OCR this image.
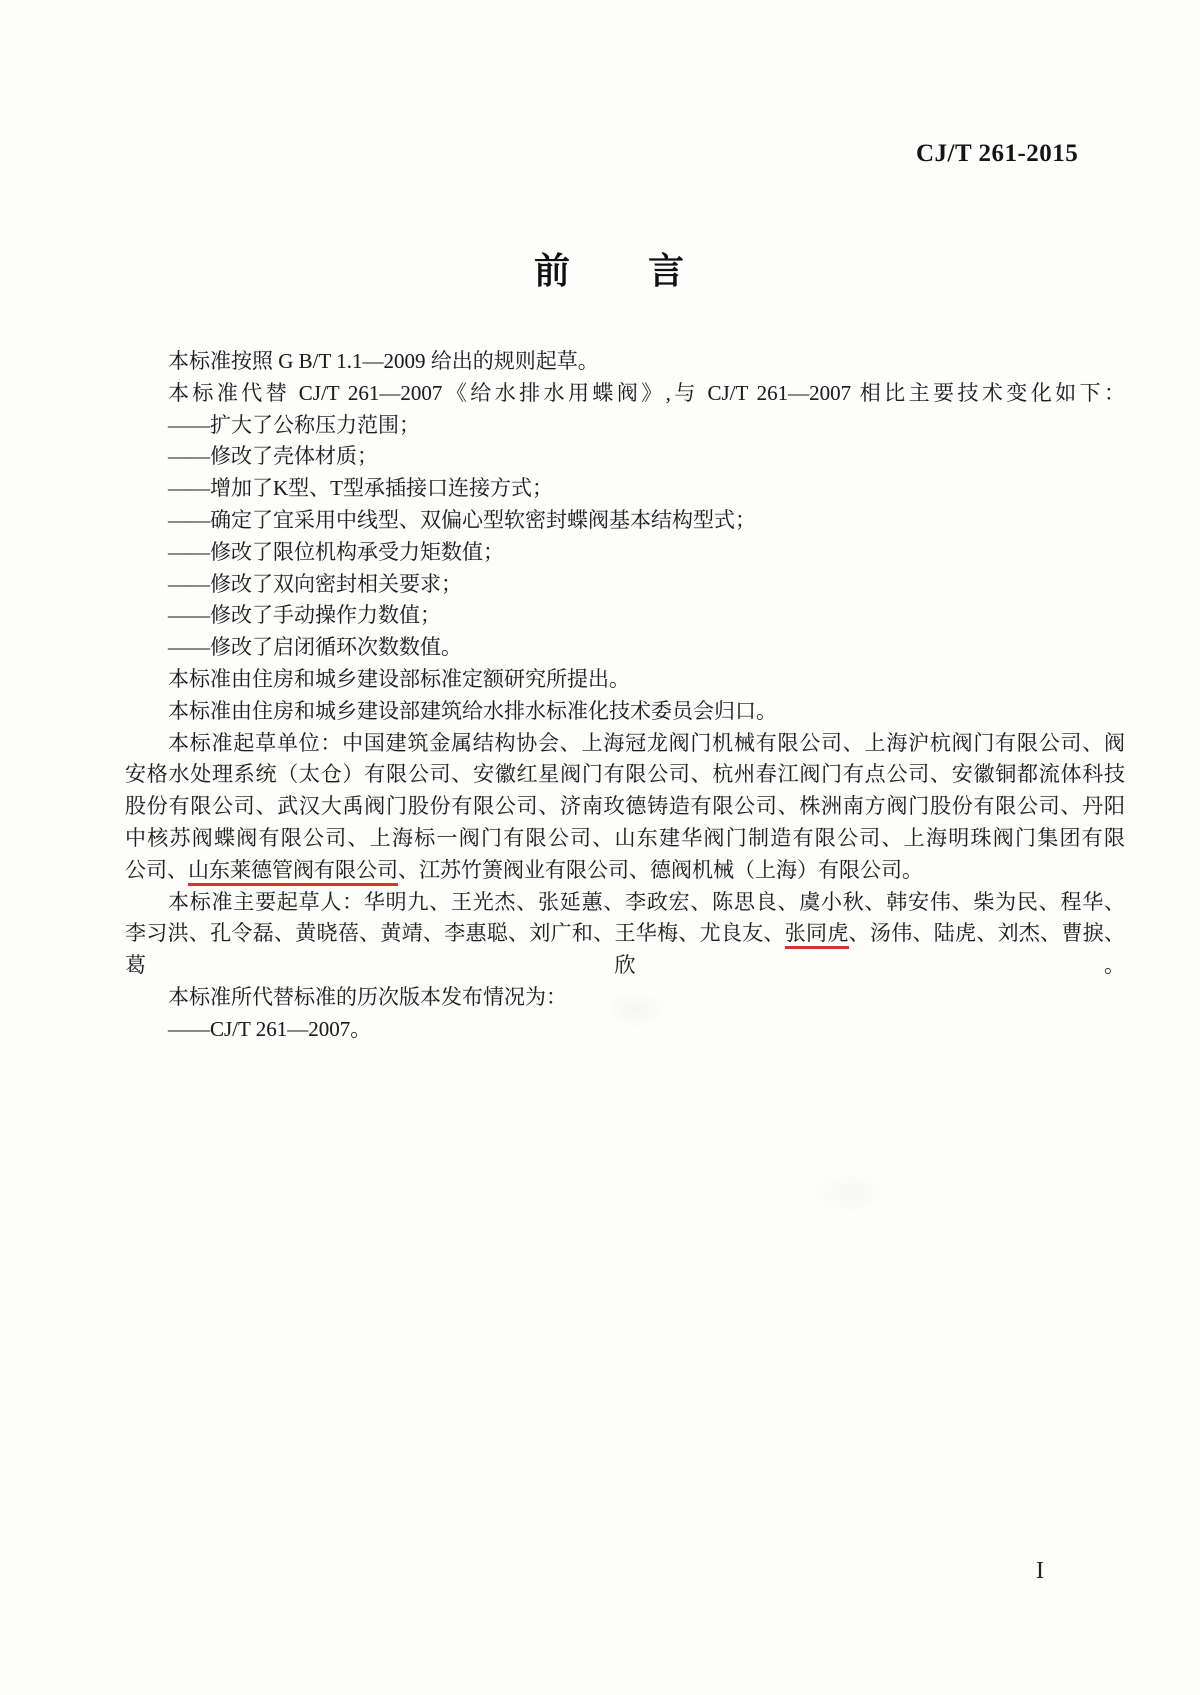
CJ/T 261-2015
前　　言
本标准按照 G B/T 1.1—2009 给出的规则起草。
本标准代替 CJ/T 261—2007《给水排水用蝶阀》,与 CJ/T 261—2007 相比主要技术变化如下：
——扩大了公称压力范围；
——修改了壳体材质；
——增加了K型、T型承插接口连接方式；
——确定了宜采用中线型、双偏心型软密封蝶阀基本结构型式；
——修改了限位机构承受力矩数值；
——修改了双向密封相关要求；
——修改了手动操作力数值；
——修改了启闭循环次数数值。
本标准由住房和城乡建设部标准定额研究所提出。
本标准由住房和城乡建设部建筑给水排水标准化技术委员会归口。
本标准起草单位：中国建筑金属结构协会、上海冠龙阀门机械有限公司、上海沪杭阀门有限公司、阀
安格水处理系统（太仓）有限公司、安徽红星阀门有限公司、杭州春江阀门有点公司、安徽铜都流体科技
股份有限公司、武汉大禹阀门股份有限公司、济南玫德铸造有限公司、株洲南方阀门股份有限公司、丹阳
中核苏阀蝶阀有限公司、上海标一阀门有限公司、山东建华阀门制造有限公司、上海明珠阀门集团有限
公司、山东莱德管阀有限公司、江苏竹箦阀业有限公司、德阀机械（上海）有限公司。
本标准主要起草人：华明九、王光杰、张延蕙、李政宏、陈思良、虞小秋、韩安伟、柴为民、程华、
李习洪、孔令磊、黄晓蓓、黄靖、李惠聪、刘广和、王华梅、尤良友、张同虎、汤伟、陆虎、刘杰、曹捩、葛欣。
本标准所代替标准的历次版本发布情况为：
——CJ/T 261—2007。
I
